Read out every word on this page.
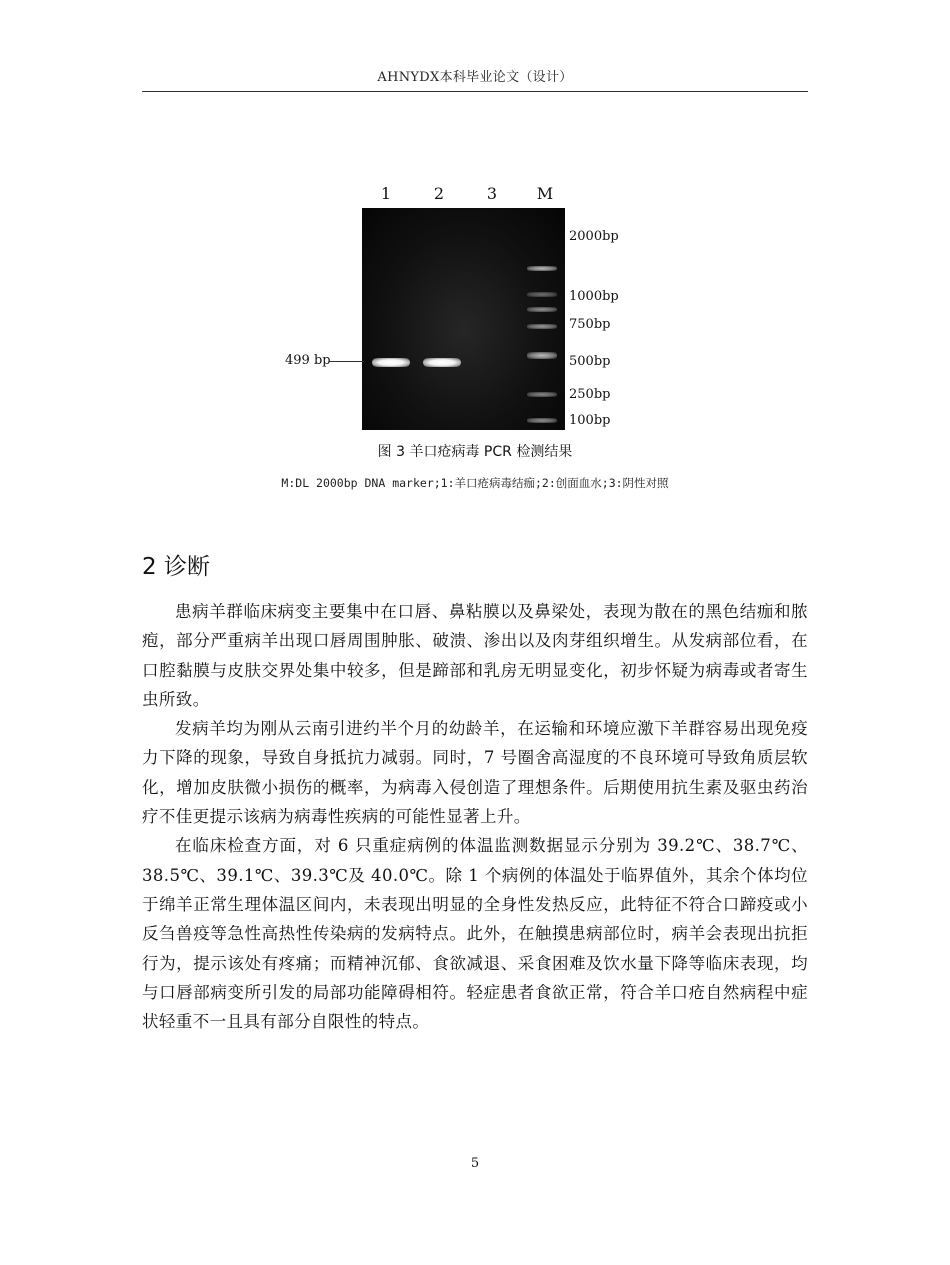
AHNYDX本科毕业论文（设计）
1	2	3	M
2000bp
1000bp
750bp
500bp
250bp
100bp
499 bp
图 3 羊口疮病毒 PCR 检测结果
M:DL 2000bp DNA marker;1:羊口疮病毒结痂;2:创面血水;3:阴性对照
2 诊断

患病羊群临床病变主要集中在口唇、鼻粘膜以及鼻梁处，表现为散在的黑色结痂和脓疱，部分严重病羊出现口唇周围肿胀、破溃、渗出以及肉芽组织增生。从发病部位看，在口腔黏膜与皮肤交界处集中较多，但是蹄部和乳房无明显变化，初步怀疑为病毒或者寄生虫所致。

发病羊均为刚从云南引进约半个月的幼龄羊，在运输和环境应激下羊群容易出现免疫力下降的现象，导致自身抵抗力减弱。同时，7 号圈舍高湿度的不良环境可导致角质层软化，增加皮肤微小损伤的概率，为病毒入侵创造了理想条件。后期使用抗生素及驱虫药治疗不佳更提示该病为病毒性疾病的可能性显著上升。

在临床检查方面，对 6 只重症病例的体温监测数据显示分别为 39.2℃、38.7℃、38.5℃、39.1℃、39.3℃及 40.0℃。除 1 个病例的体温处于临界值外，其余个体均位于绵羊正常生理体温区间内，未表现出明显的全身性发热反应，此特征不符合口蹄疫或小反刍兽疫等急性高热性传染病的发病特点。此外，在触摸患病部位时，病羊会表现出抗拒行为，提示该处有疼痛；而精神沉郁、食欲减退、采食困难及饮水量下降等临床表现，均与口唇部病变所引发的局部功能障碍相符。轻症患者食欲正常，符合羊口疮自然病程中症状轻重不一且具有部分自限性的特点。

5
